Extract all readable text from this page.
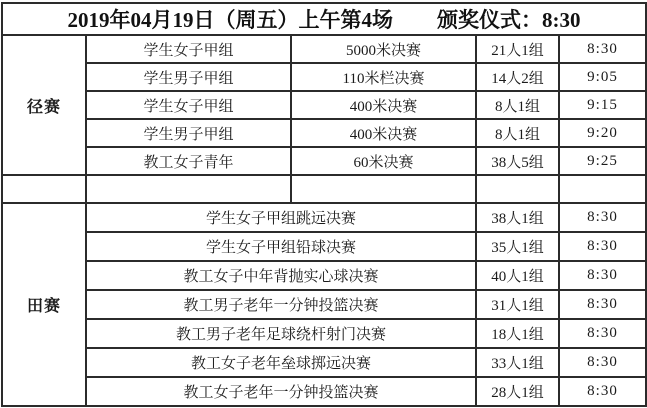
2019年04月19日（周五）上午第4场 颁奖仪式：8:30				

径赛	学生女子甲组	5000米决赛	21人1组	8:30
	学生男子甲组	110米栏决赛	14人2组	9:05
	学生女子甲组	400米决赛	8人1组	9:15
	学生男子甲组	400米决赛	8人1组	9:20
	教工女子青年	60米决赛	38人5组	9:25

田赛	学生女子甲组跳远决赛		38人1组	8:30
	学生女子甲组铅球决赛		35人1组	8:30
	教工女子中年背抛实心球决赛		40人1组	8:30
	教工男子老年一分钟投篮决赛		31人1组	8:30
	教工男子老年足球绕杆射门决赛		18人1组	8:30
	教工女子老年垒球掷远决赛		33人1组	8:30
	教工女子老年一分钟投篮决赛		28人1组	8:30
